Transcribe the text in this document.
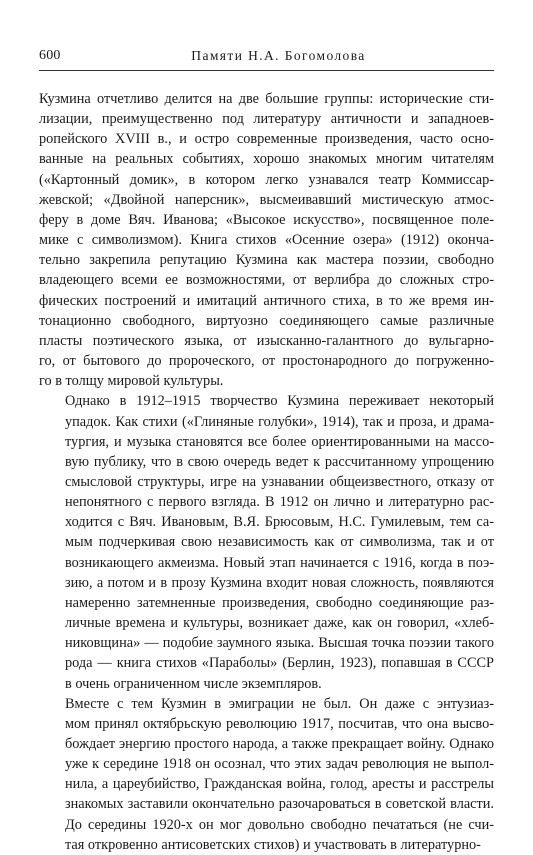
600	Памяти Н.А. Богомолова

Кузмина отчетливо делится на две большие группы: исторические сти-
лизации, преимущественно под литературу античности и западноев-
ропейского XVIII в., и остро современные произведения, часто осно-
ванные на реальных событиях, хорошо знакомых многим читателям
(«Картонный домик», в котором легко узнавался театр Коммиссар-
жевской; «Двойной наперсник», высмеивавший мистическую атмос-
феру в доме Вяч. Иванова; «Высокое искусство», посвященное поле-
мике с символизмом). Книга стихов «Осенние озера» (1912) оконча-
тельно закрепила репутацию Кузмина как мастера поэзии, свободно
владеющего всеми ее возможностями, от верлибра до сложных стро-
фических построений и имитаций античного стиха, в то же время ин-
тонационно свободного, виртуозно соединяющего самые различные
пласты поэтического языка, от изысканно-галантного до вульгарно-
го, от бытового до пророческого, от простонародного до погруженно-
го в толщу мировой культуры.

Однако в 1912–1915 творчество Кузмина переживает некоторый
упадок. Как стихи («Глиняные голубки», 1914), так и проза, и драма-
тургия, и музыка становятся все более ориентированными на массо-
вую публику, что в свою очередь ведет к рассчитанному упрощению
смысловой структуры, игре на узнавании общеизвестного, отказу от
непонятного с первого взгляда. В 1912 он лично и литературно рас-
ходится с Вяч. Ивановым, В.Я. Брюсовым, Н.С. Гумилевым, тем са-
мым подчеркивая свою независимость как от символизма, так и от
возникающего акмеизма. Новый этап начинается с 1916, когда в поэ-
зию, а потом и в прозу Кузмина входит новая сложность, появляются
намеренно затемненные произведения, свободно соединяющие раз-
личные времена и культуры, возникает даже, как он говорил, «хлеб-
никовщина» — подобие заумного языка. Высшая точка поэзии такого
рода — книга стихов «Параболы» (Берлин, 1923), попавшая в СССР
в очень ограниченном числе экземпляров.

Вместе с тем Кузмин в эмиграции не был. Он даже с энтузиаз-
мом принял октябрьскую революцию 1917, посчитав, что она высво-
бождает энергию простого народа, а также прекращает войну. Однако
уже к середине 1918 он осознал, что этих задач революция не выпол-
нила, а цареубийство, Гражданская война, голод, аресты и расстрелы
знакомых заставили окончательно разочароваться в советской власти.
До середины 1920-х он мог довольно свободно печататься (не счи-
тая откровенно антисоветских стихов) и участвовать в литературно-
